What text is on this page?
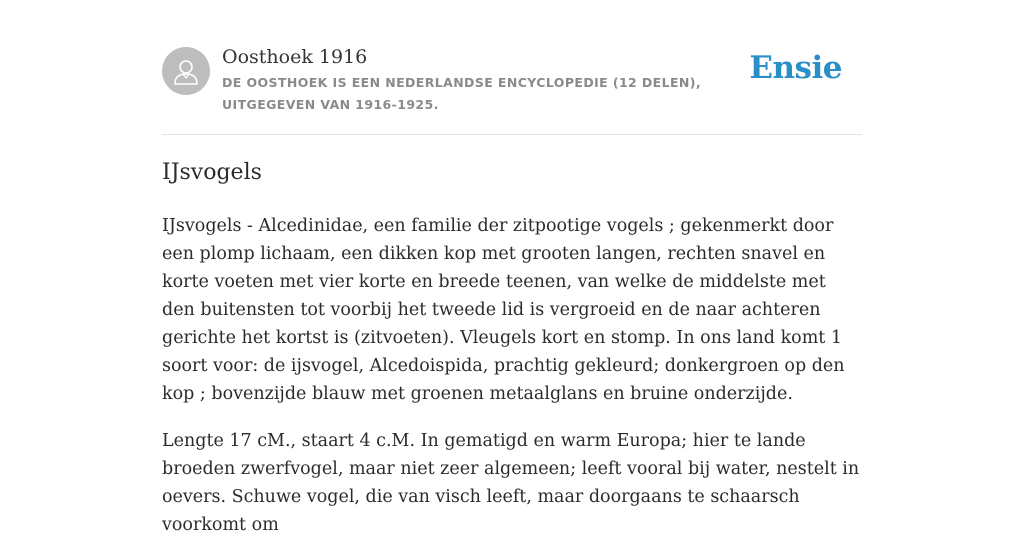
Oosthoek 1916
DE OOSTHOEK IS EEN NEDERLANDSE ENCYCLOPEDIE (12 DELEN), UITGEGEVEN VAN 1916-1925.
Ensie
IJsvogels

IJsvogels - Alcedinidae, een familie der zitpootige vogels ; gekenmerkt door een plomp lichaam, een dikken kop met grooten langen, rechten snavel en korte voeten met vier korte en breede teenen, van welke de middelste met den buitensten tot voorbij het tweede lid is vergroeid en de naar achteren gerichte het kortst is (zitvoeten). Vleugels kort en stomp. In ons land komt 1 soort voor: de ijsvogel, Alcedoispida, prachtig gekleurd; donkergroen op den kop ; bovenzijde blauw met groenen metaalglans en bruine onderzijde.

Lengte 17 cM., staart 4 c.M. In gematigd en warm Europa; hier te lande broeden zwerfvogel, maar niet zeer algemeen; leeft vooral bij water, nestelt in oevers. Schuwe vogel, die van visch leeft, maar doorgaans te schaarsch voorkomt om
